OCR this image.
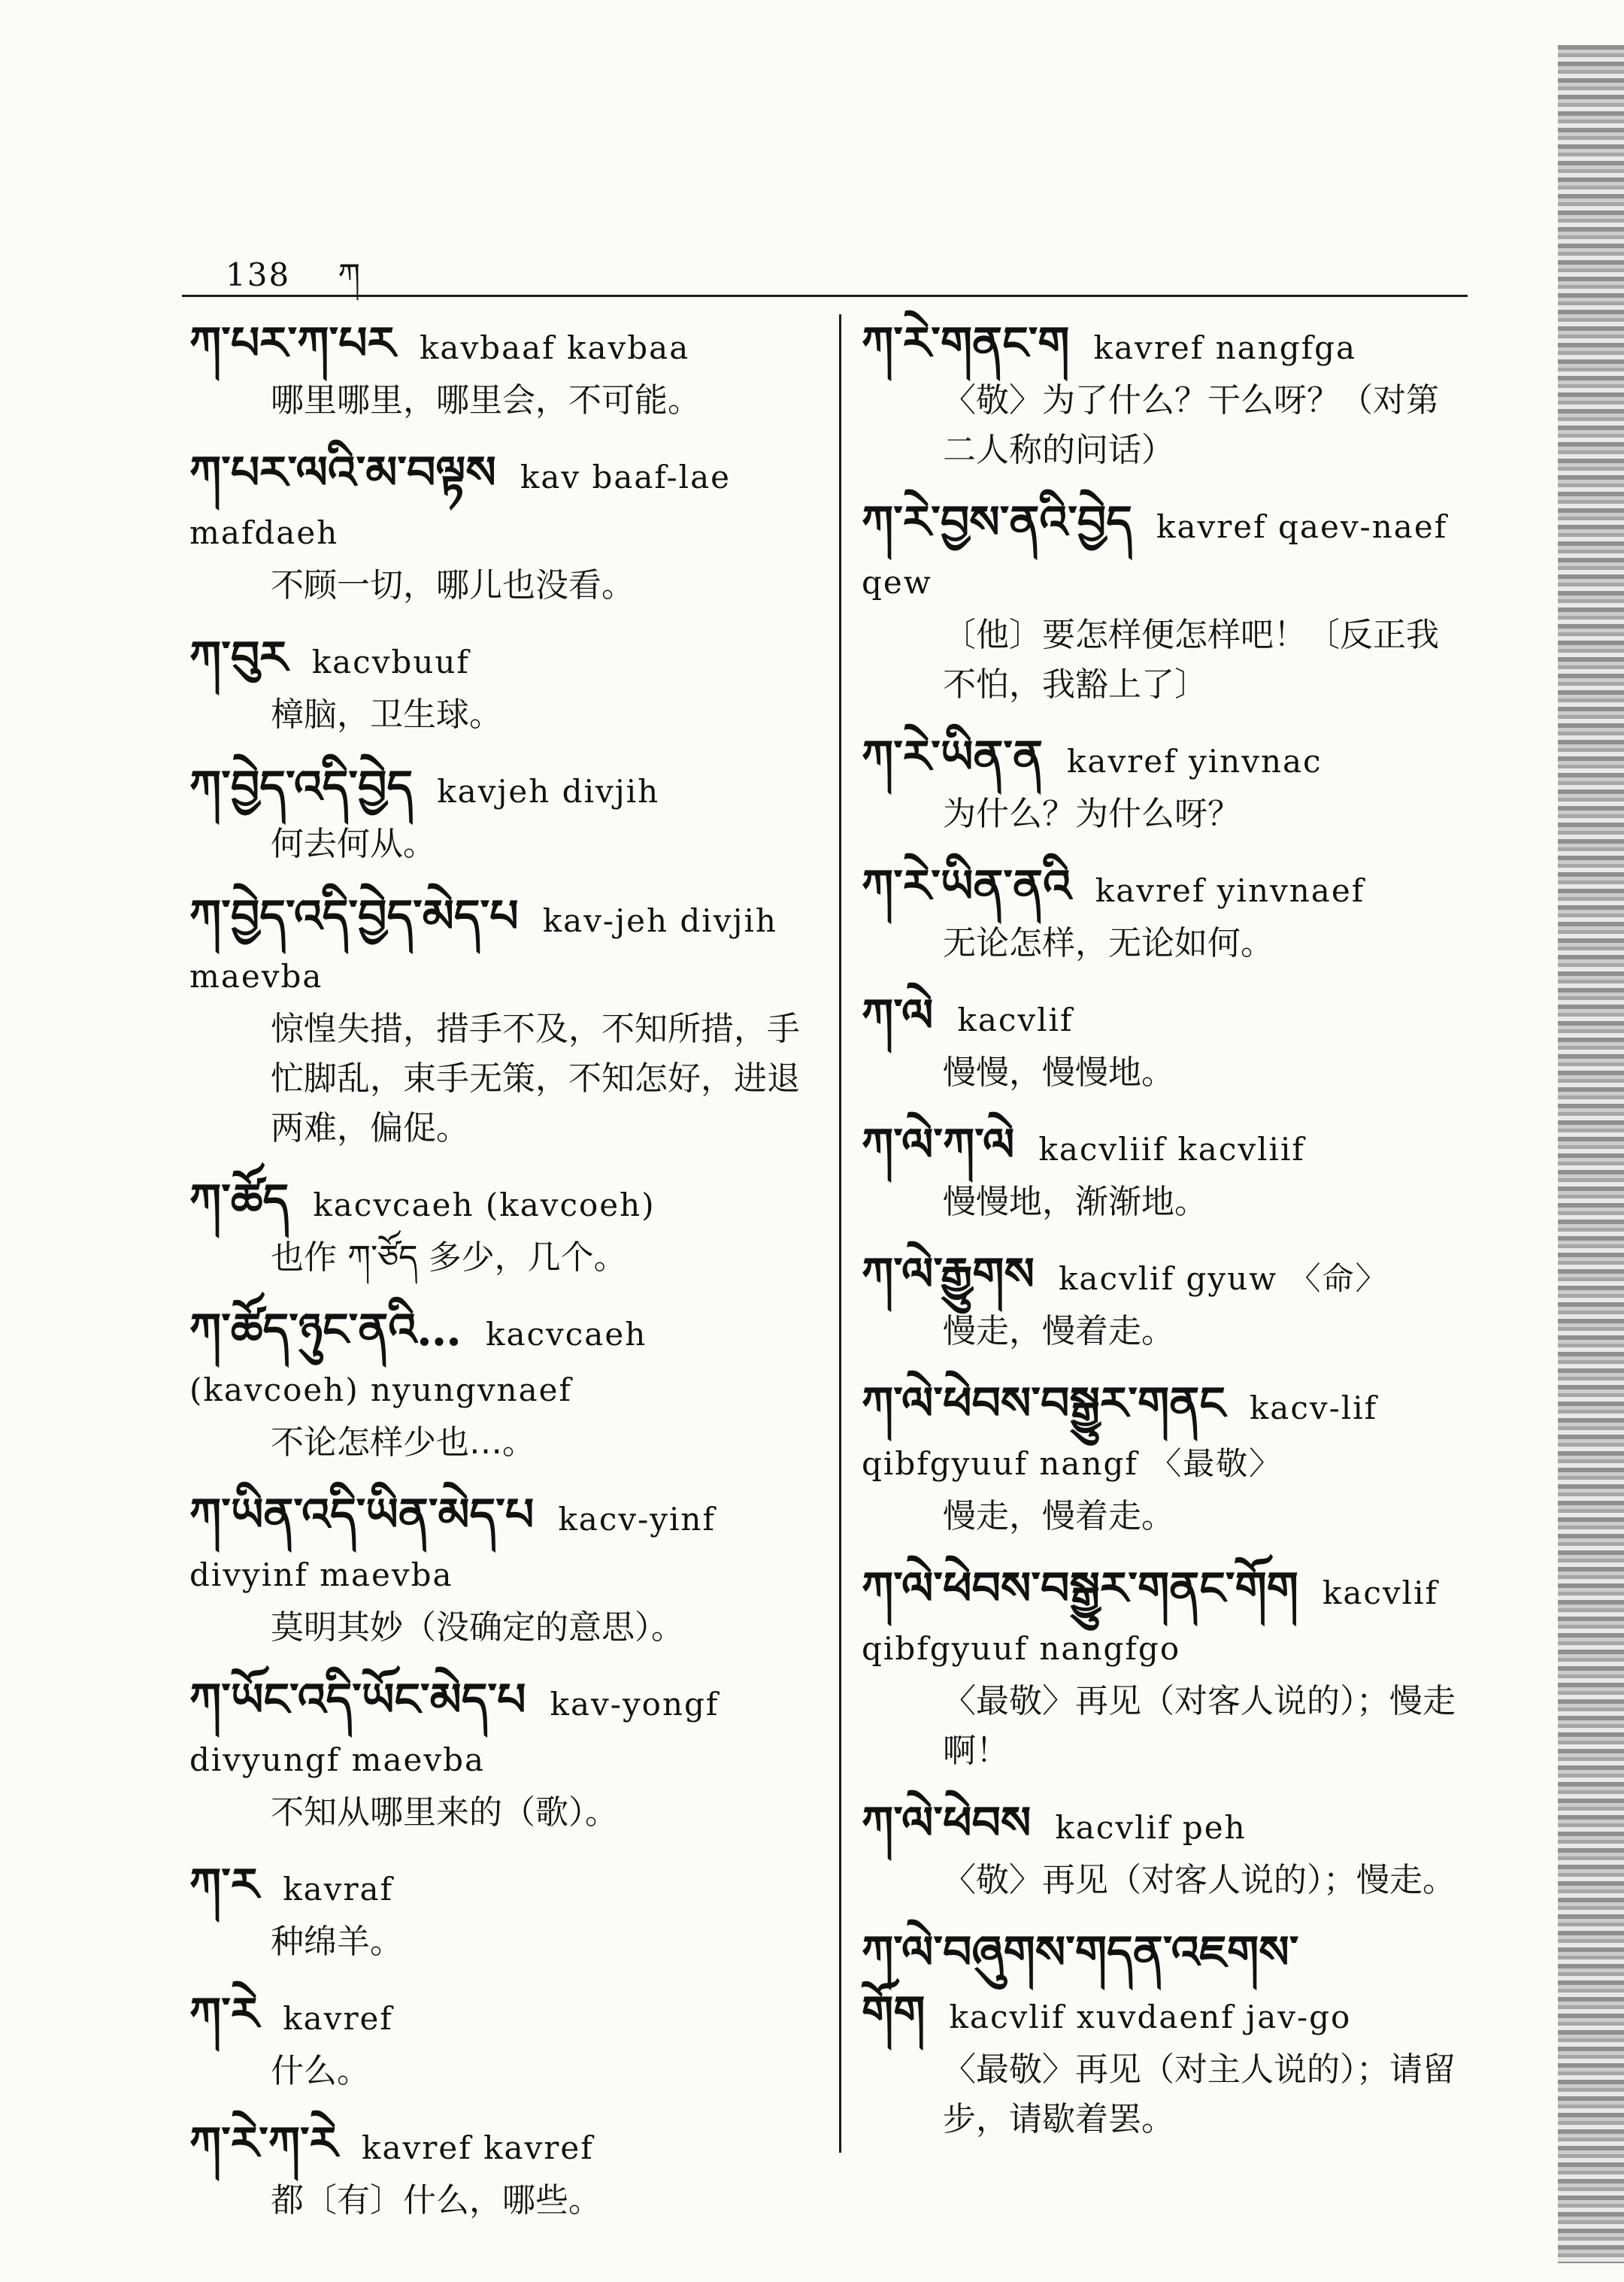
138 ཀ
ཀ་པར་ཀ་པར kavbaaf kavbaa
哪里哪里，哪里会，不可能。
ཀ་པར་ལའི་མ་བལྟས kav baaf-lae mafdaeh
不顾一切，哪儿也没看。
ཀ་བུར kacvbuuf
樟脑，卫生球。
ཀ་བྱེད་འདི་བྱེད kavjeh divjih
何去何从。
ཀ་བྱེད་འདི་བྱེད་མེད་པ kav-jeh divjih maevba
惊惶失措，措手不及，不知所措，手忙脚乱，束手无策，不知怎好，进退两难，偏促。
ཀ་ཚོད kacvcaeh (kavcoeh)
也作 ཀ་ཙོད 多少，几个。
ཀ་ཚོད་ཉུང་ནའི… kacvcaeh (kavcoeh) nyungvnaef
不论怎样少也…。
ཀ་ཡིན་འདི་ཡིན་མེད་པ kacv-yinf divyinf maevba
莫明其妙（没确定的意思）。
ཀ་ཡོང་འདི་ཡོང་མེད་པ kav-yongf divyungf maevba
不知从哪里来的（歌）。
ཀ་ར kavraf
种绵羊。
ཀ་རེ kavref
什么。
ཀ་རེ་ཀ་རེ kavref kavref
都〔有〕什么，哪些。
ཀ་རེ་གནང་ག kavref nangfga
〈敬〉为了什么？干么呀？（对第二人称的问话）
ཀ་རེ་བྱས་ནའི་བྱེད kavref qaev-naef qew
〔他〕要怎样便怎样吧！〔反正我不怕，我豁上了〕
ཀ་རེ་ཡིན་ན kavref yinvnac
为什么？为什么呀？
ཀ་རེ་ཡིན་ནའི kavref yinvnaef
无论怎样，无论如何。
ཀ་ལེ kacvlif
慢慢，慢慢地。
ཀ་ལེ་ཀ་ལེ kacvliif kacvliif
慢慢地，渐渐地。
ཀ་ལེ་རྒྱུགས kacvlif gyuw 〈命〉
慢走，慢着走。
ཀ་ལེ་ཕེབས་བསྒྱུར་གནང kacv-lif qibfgyuuf nangf 〈最敬〉
慢走，慢着走。
ཀ་ལེ་ཕེབས་བསྒྱུར་གནང་གོག kacvlif qibfgyuuf nangfgo
〈最敬〉再见（对客人说的）；慢走啊！
ཀ་ལེ་ཕེབས kacvlif peh
〈敬〉再见（对客人说的）；慢走。
ཀ་ལེ་བཞུགས་གདན་འཇགས་གོག kacvlif xuvdaenf jav-go
〈最敬〉再见（对主人说的）；请留步，请歇着罢。
